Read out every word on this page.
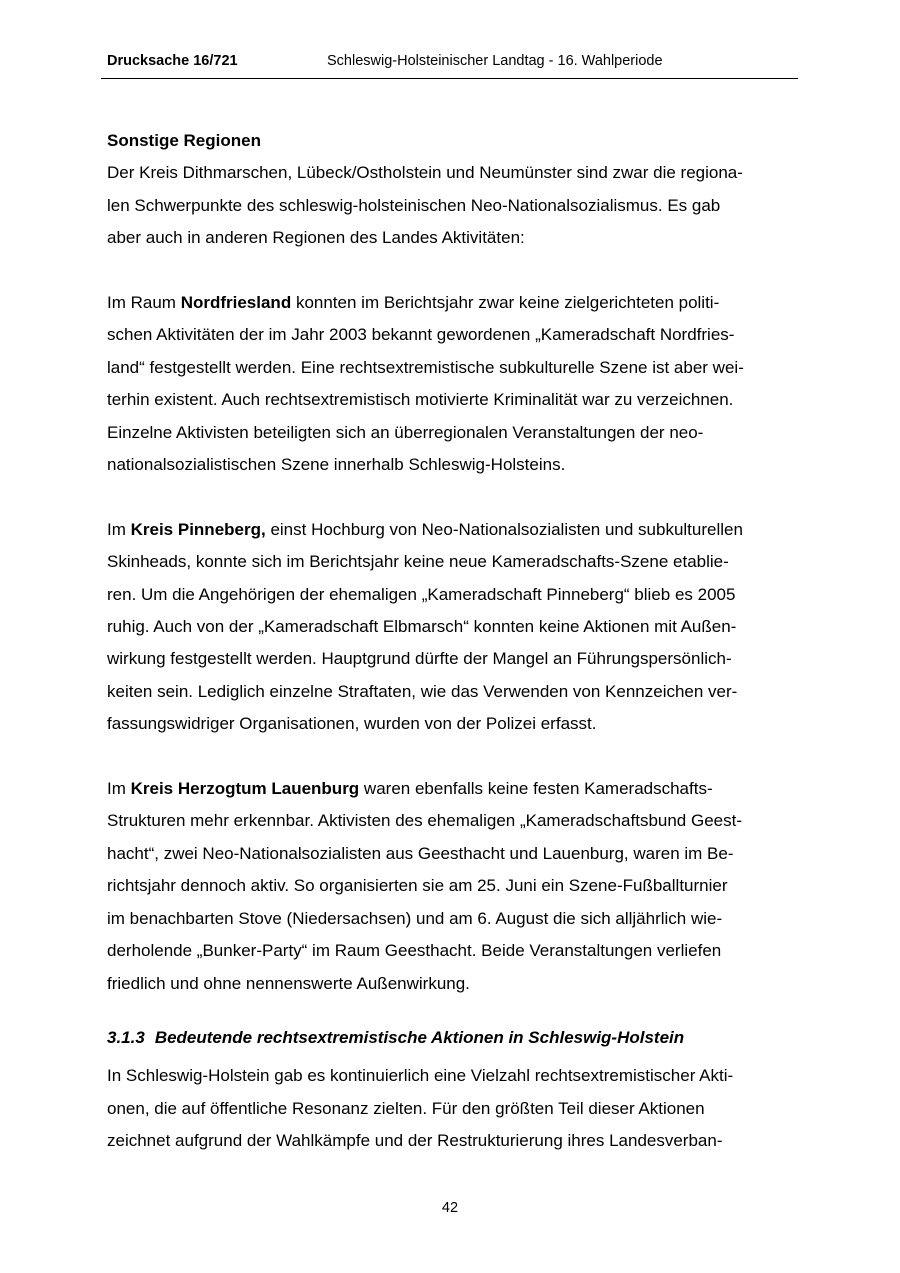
Drucksache 16/721	Schleswig-Holsteinischer Landtag - 16. Wahlperiode

Sonstige Regionen

Der Kreis Dithmarschen, Lübeck/Ostholstein und Neumünster sind zwar die regiona-

len Schwerpunkte des schleswig-holsteinischen Neo-Nationalsozialismus. Es gab

aber auch in anderen Regionen des Landes Aktivitäten:

Im Raum Nordfriesland konnten im Berichtsjahr zwar keine zielgerichteten politi-

schen Aktivitäten der im Jahr 2003 bekannt gewordenen „Kameradschaft Nordfries-

land“ festgestellt werden. Eine rechtsextremistische subkulturelle Szene ist aber wei-

terhin existent. Auch rechtsextremistisch motivierte Kriminalität war zu verzeichnen.

Einzelne Aktivisten beteiligten sich an überregionalen Veranstaltungen der neo-

nationalsozialistischen Szene innerhalb Schleswig-Holsteins.

Im Kreis Pinneberg, einst Hochburg von Neo-Nationalsozialisten und subkulturellen

Skinheads, konnte sich im Berichtsjahr keine neue Kameradschafts-Szene etablie-

ren. Um die Angehörigen der ehemaligen „Kameradschaft Pinneberg“ blieb es 2005

ruhig. Auch von der „Kameradschaft Elbmarsch“ konnten keine Aktionen mit Außen-

wirkung festgestellt werden. Hauptgrund dürfte der Mangel an Führungspersönlich-

keiten sein. Lediglich einzelne Straftaten, wie das Verwenden von Kennzeichen ver-

fassungswidriger Organisationen, wurden von der Polizei erfasst.

Im Kreis Herzogtum Lauenburg waren ebenfalls keine festen Kameradschafts-

Strukturen mehr erkennbar. Aktivisten des ehemaligen „Kameradschaftsbund Geest-

hacht“, zwei Neo-Nationalsozialisten aus Geesthacht und Lauenburg, waren im Be-

richtsjahr dennoch aktiv. So organisierten sie am 25. Juni ein Szene-Fußballturnier

im benachbarten Stove (Niedersachsen) und am 6. August die sich alljährlich wie-

derholende „Bunker-Party“ im Raum Geesthacht. Beide Veranstaltungen verliefen

friedlich und ohne nennenswerte Außenwirkung.

3.1.3 Bedeutende rechtsextremistische Aktionen in Schleswig-Holstein

In Schleswig-Holstein gab es kontinuierlich eine Vielzahl rechtsextremistischer Akti-

onen, die auf öffentliche Resonanz zielten. Für den größten Teil dieser Aktionen

zeichnet aufgrund der Wahlkämpfe und der Restrukturierung ihres Landesverban-

42
